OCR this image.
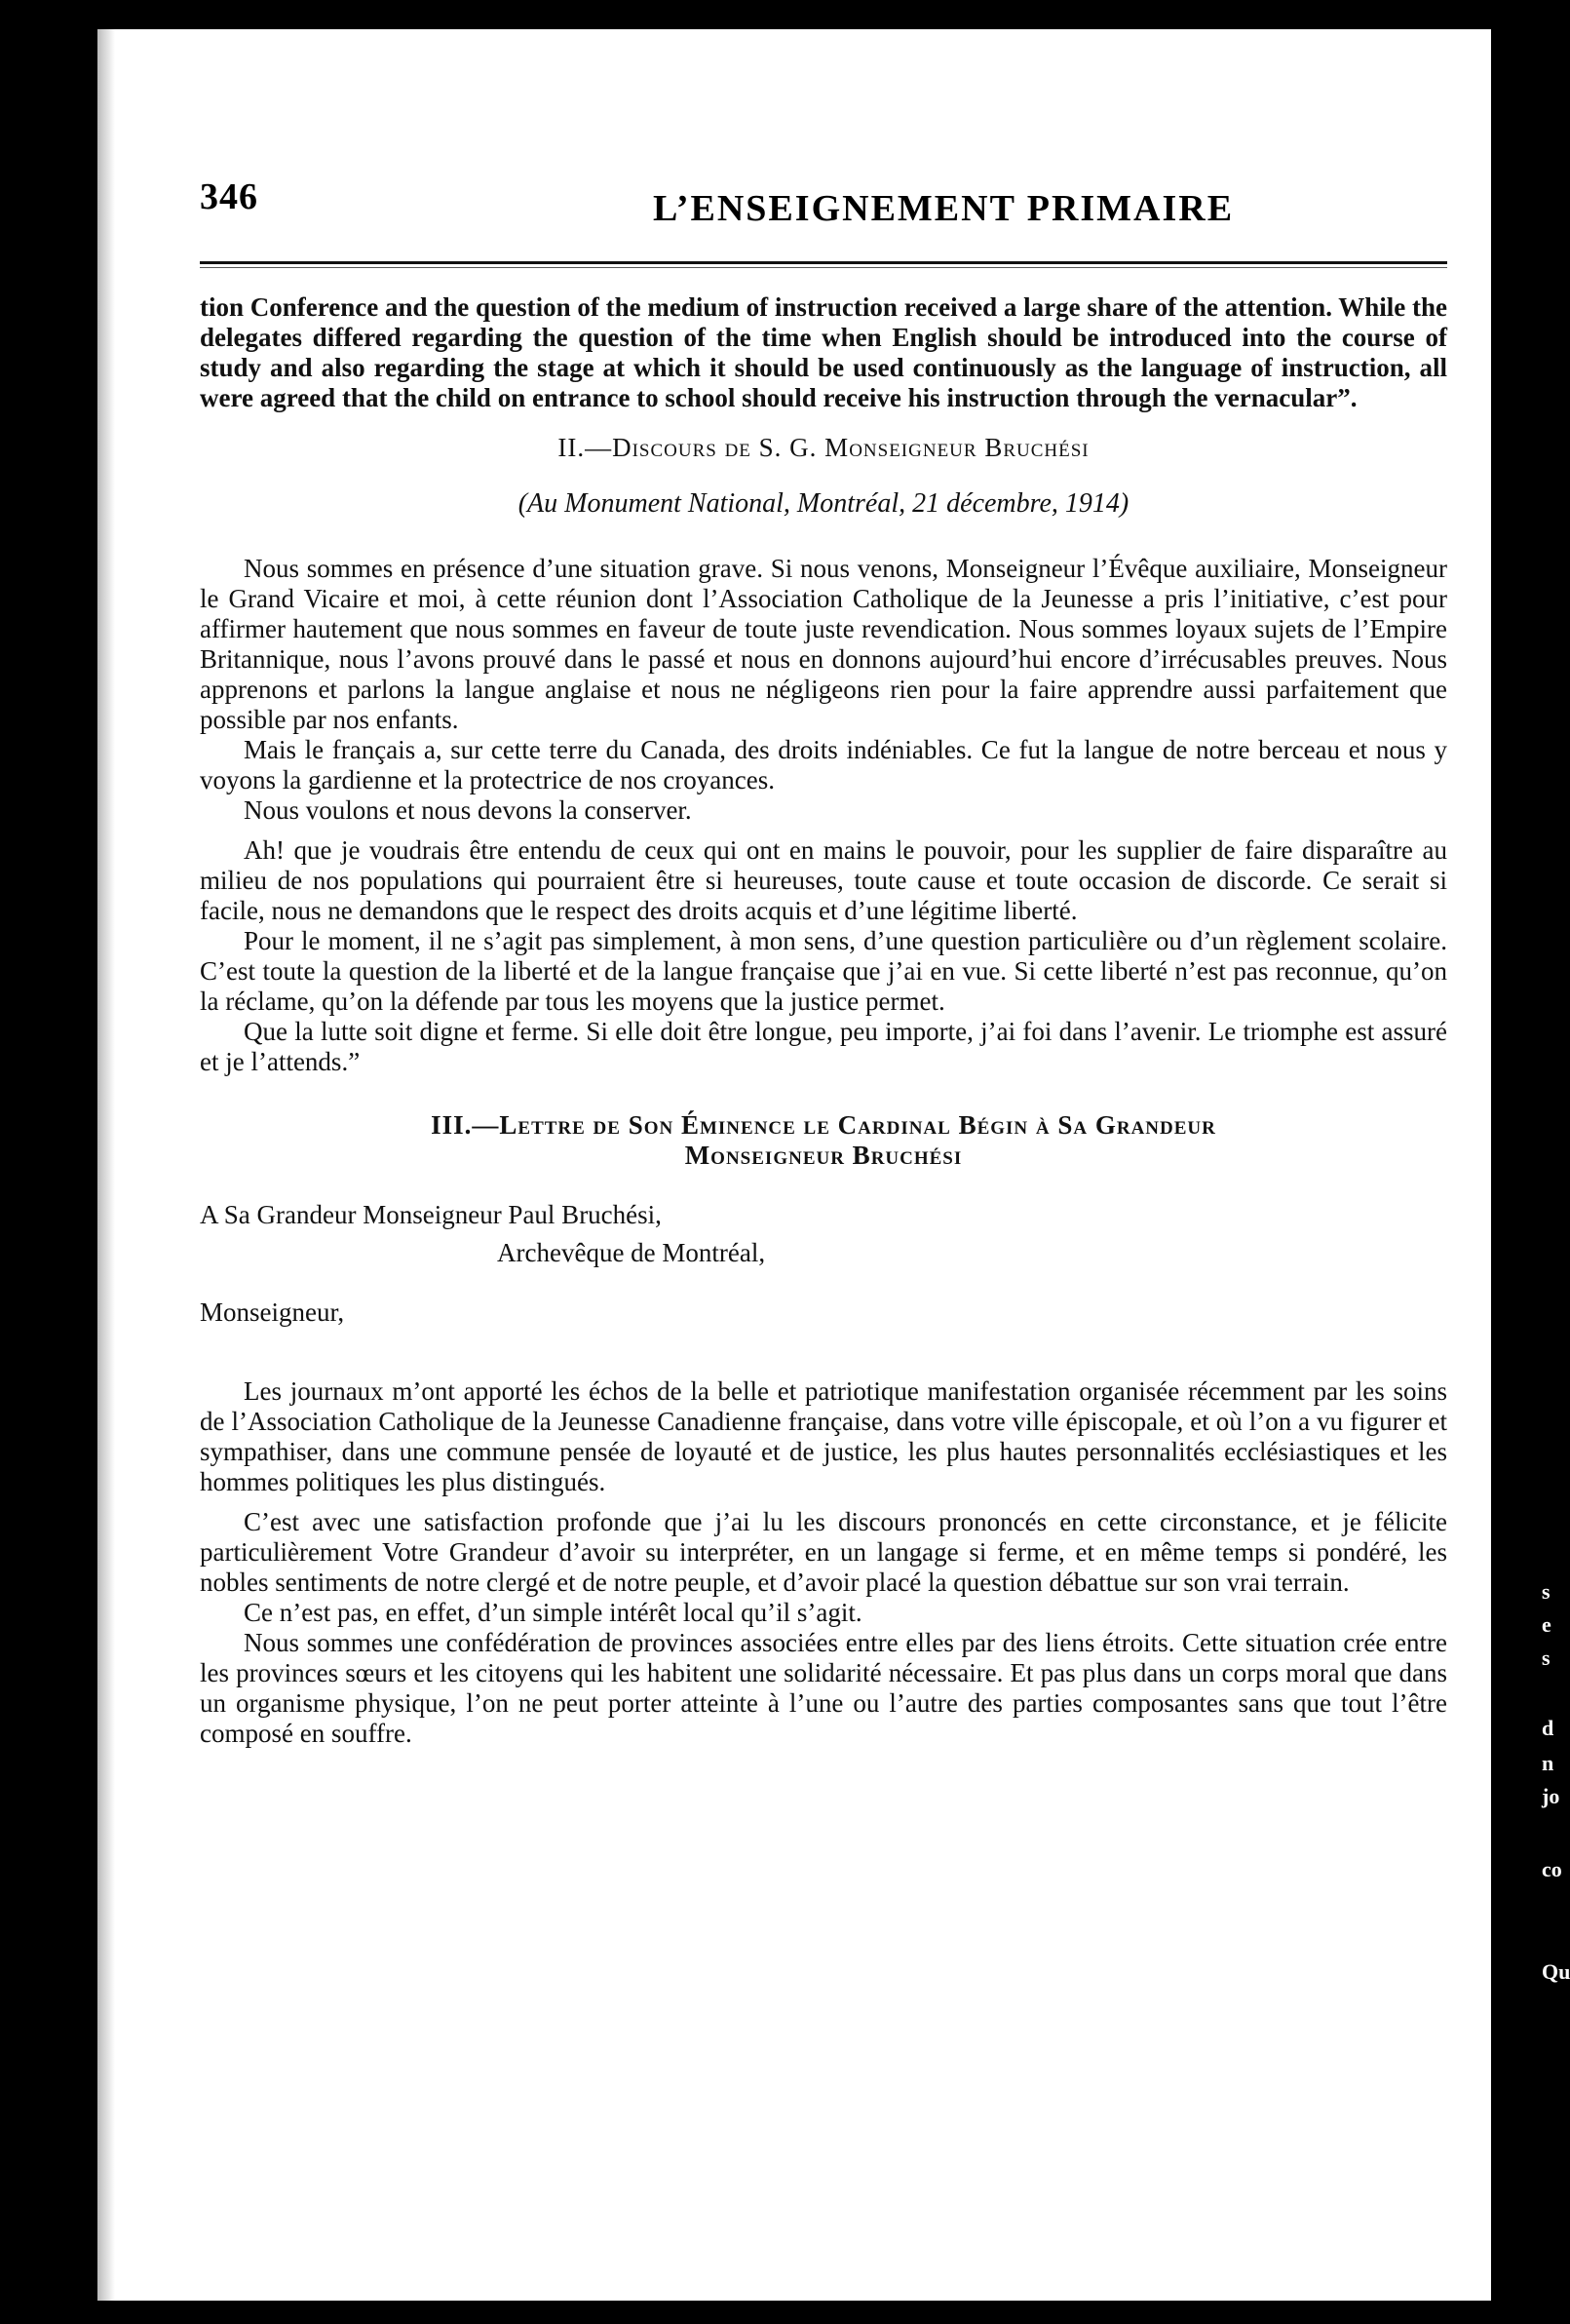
s
e
s
d
n
jo
co
Qu
346	L’ENSEIGNEMENT PRIMAIRE

tion Conference and the question of the medium of instruction received a large share of the attention. While the delegates differed regarding the question of the time when English should be introduced into the course of study and also regarding the stage at which it should be used continuously as the language of instruction, all were agreed that the child on entrance to school should receive his instruction through the vernacular”.

II.—Discours de S. G. Monseigneur Bruchési

(Au Monument National, Montréal, 21 décembre, 1914)

Nous sommes en présence d’une situation grave. Si nous venons, Monseigneur l’Évêque auxiliaire, Monseigneur le Grand Vicaire et moi, à cette réunion dont l’Association Catholique de la Jeunesse a pris l’initiative, c’est pour affirmer hautement que nous sommes en faveur de toute juste revendication. Nous sommes loyaux sujets de l’Empire Britannique, nous l’avons prouvé dans le passé et nous en donnons aujourd’hui encore d’irrécusables preuves. Nous apprenons et parlons la langue anglaise et nous ne négligeons rien pour la faire apprendre aussi parfaitement que possible par nos enfants.

Mais le français a, sur cette terre du Canada, des droits indéniables. Ce fut la langue de notre berceau et nous y voyons la gardienne et la protectrice de nos croyances.

Nous voulons et nous devons la conserver.

Ah! que je voudrais être entendu de ceux qui ont en mains le pouvoir, pour les supplier de faire disparaître au milieu de nos populations qui pourraient être si heureuses, toute cause et toute occasion de discorde. Ce serait si facile, nous ne demandons que le respect des droits acquis et d’une légitime liberté.

Pour le moment, il ne s’agit pas simplement, à mon sens, d’une question particulière ou d’un règlement scolaire. C’est toute la question de la liberté et de la langue française que j’ai en vue. Si cette liberté n’est pas reconnue, qu’on la réclame, qu’on la défende par tous les moyens que la justice permet.

Que la lutte soit digne et ferme. Si elle doit être longue, peu importe, j’ai foi dans l’avenir. Le triomphe est assuré et je l’attends.”

III.—Lettre de Son Éminence le Cardinal Bégin à Sa Grandeur
Monseigneur Bruchési

A Sa Grandeur Monseigneur Paul Bruchési,

Archevêque de Montréal,

Monseigneur,

Les journaux m’ont apporté les échos de la belle et patriotique manifestation organisée récemment par les soins de l’Association Catholique de la Jeunesse Canadienne française, dans votre ville épiscopale, et où l’on a vu figurer et sympathiser, dans une commune pensée de loyauté et de justice, les plus hautes personnalités ecclésiastiques et les hommes politiques les plus distingués.

C’est avec une satisfaction profonde que j’ai lu les discours prononcés en cette circonstance, et je félicite particulièrement Votre Grandeur d’avoir su interpréter, en un langage si ferme, et en même temps si pondéré, les nobles sentiments de notre clergé et de notre peuple, et d’avoir placé la question débattue sur son vrai terrain.

Ce n’est pas, en effet, d’un simple intérêt local qu’il s’agit.

Nous sommes une confédération de provinces associées entre elles par des liens étroits. Cette situation crée entre les provinces sœurs et les citoyens qui les habitent une solidarité nécessaire. Et pas plus dans un corps moral que dans un organisme physique, l’on ne peut porter atteinte à l’une ou l’autre des parties composantes sans que tout l’être composé en souffre.
